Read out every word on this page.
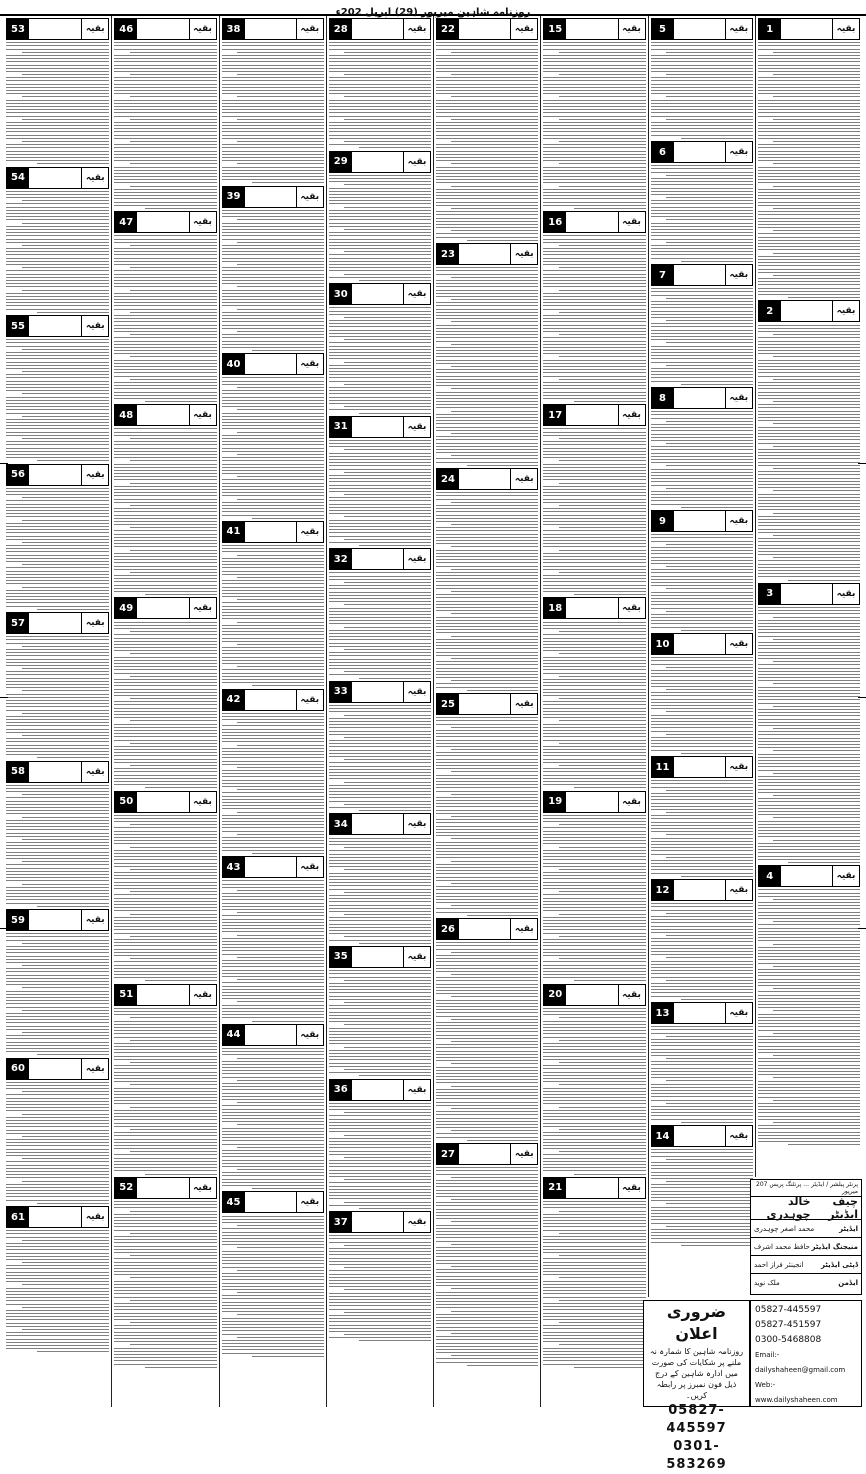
روزنامہ شاہین میرپور (29) اپریل 202ء
1	بقیہ
2	بقیہ
3	بقیہ
4	بقیہ
5	بقیہ
6	بقیہ
7	بقیہ
8	بقیہ
9	بقیہ
10	بقیہ
11	بقیہ
12	بقیہ
13	بقیہ
14	بقیہ
15	بقیہ
16	بقیہ
17	بقیہ
18	بقیہ
19	بقیہ
20	بقیہ
21	بقیہ
22	بقیہ
23	بقیہ
24	بقیہ
25	بقیہ
26	بقیہ
27	بقیہ
28	بقیہ
29	بقیہ
30	بقیہ
31	بقیہ
32	بقیہ
33	بقیہ
34	بقیہ
35	بقیہ
36	بقیہ
37	بقیہ
38	بقیہ
39	بقیہ
40	بقیہ
41	بقیہ
42	بقیہ
43	بقیہ
44	بقیہ
45	بقیہ
46	بقیہ
47	بقیہ
48	بقیہ
49	بقیہ
50	بقیہ
51	بقیہ
52	بقیہ
53	بقیہ
54	بقیہ
55	بقیہ
56	بقیہ
57	بقیہ
58	بقیہ
59	بقیہ
60	بقیہ
61	بقیہ
پرنٹر پبلشر / ایڈیٹر … پرنٹنگ پریس 207 میرپور
چیف ایڈیٹر
خالد چوہدری
ایڈیٹر
محمد اصغر چوہدری
منیجنگ ایڈیٹر
حافظ محمد اشرف
ڈپٹی ایڈیٹر
انجینئر فراز احمد
ایڈمن
ملک نوید
ضروری اعلان

روزنامہ شاہین کا شمارہ نہ ملنے پر شکایات کی صورت میں ادارہ شاہین کے درج ذیل فون نمبرز پر رابطہ کریں۔

05827-445597
0301-583269
05827-445597
05827-451597
0300-5468808
Email:- dailyshaheen@gmail.com
Web:- www.dailyshaheen.com
